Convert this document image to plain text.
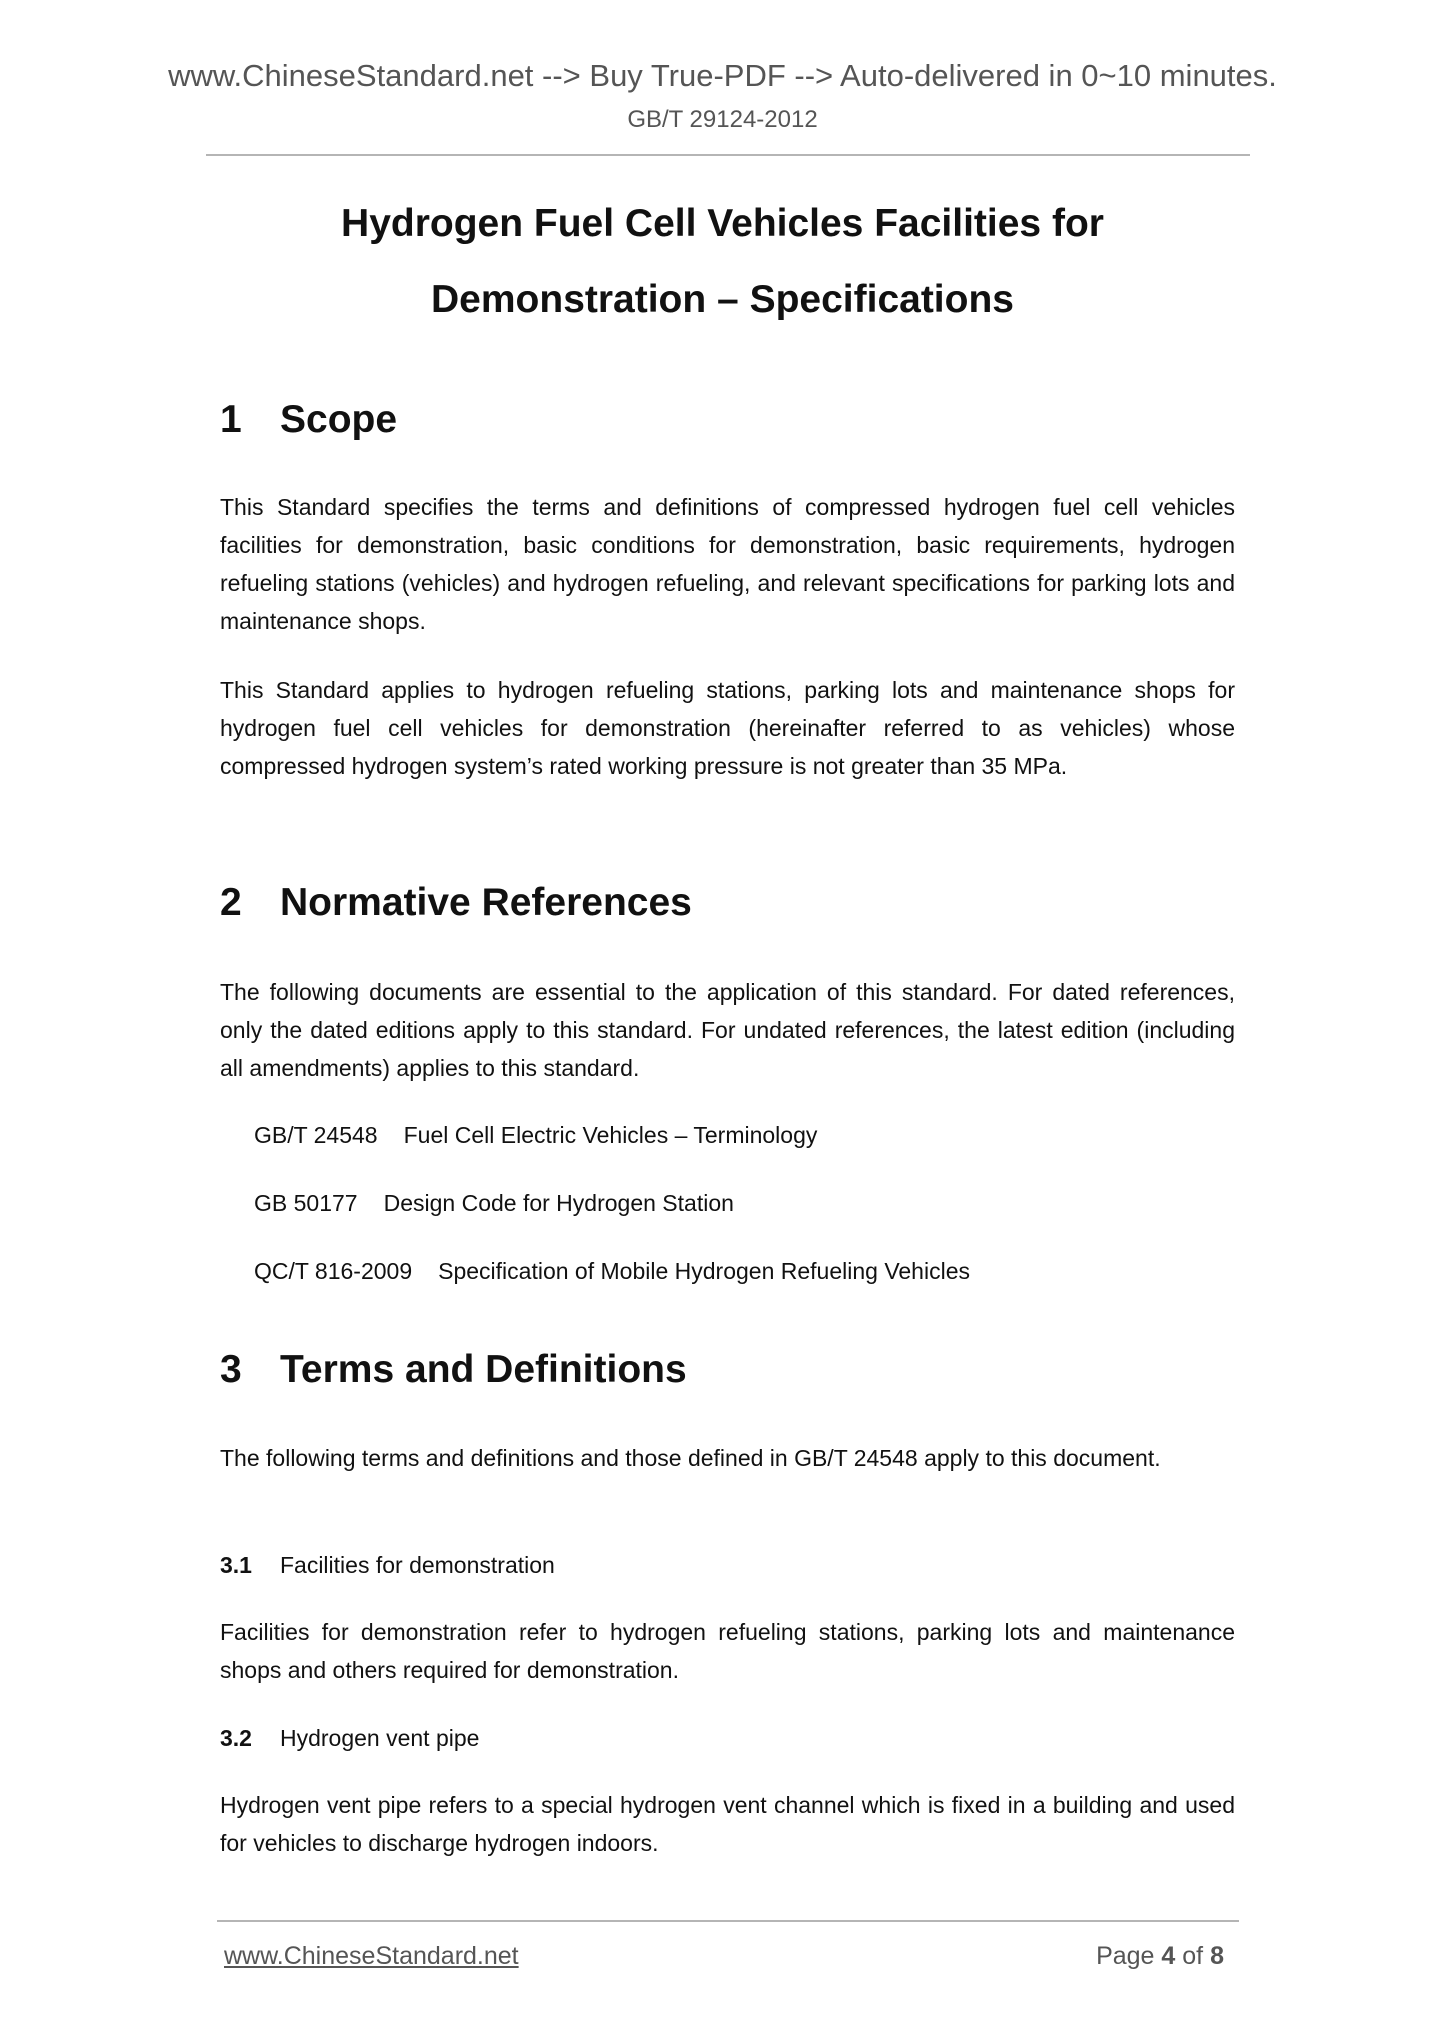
www.ChineseStandard.net --> Buy True-PDF --> Auto-delivered in 0~10 minutes.
GB/T 29124-2012
Hydrogen Fuel Cell Vehicles Facilities for
Demonstration – Specifications
1 Scope
This Standard specifies the terms and definitions of compressed hydrogen fuel cell vehicles facilities for demonstration, basic conditions for demonstration, basic requirements, hydrogen refueling stations (vehicles) and hydrogen refueling, and relevant specifications for parking lots and maintenance shops.
This Standard applies to hydrogen refueling stations, parking lots and maintenance shops for hydrogen fuel cell vehicles for demonstration (hereinafter referred to as vehicles) whose compressed hydrogen system’s rated working pressure is not greater than 35 MPa.
2 Normative References
The following documents are essential to the application of this standard. For dated references, only the dated editions apply to this standard. For undated references, the latest edition (including all amendments) applies to this standard.
GB/T 24548 Fuel Cell Electric Vehicles – Terminology
GB 50177 Design Code for Hydrogen Station
QC/T 816-2009 Specification of Mobile Hydrogen Refueling Vehicles
3 Terms and Definitions
The following terms and definitions and those defined in GB/T 24548 apply to this document.
3.1 Facilities for demonstration
Facilities for demonstration refer to hydrogen refueling stations, parking lots and maintenance shops and others required for demonstration.
3.2 Hydrogen vent pipe
Hydrogen vent pipe refers to a special hydrogen vent channel which is fixed in a building and used for vehicles to discharge hydrogen indoors.
www.ChineseStandard.net	Page 4 of 8
